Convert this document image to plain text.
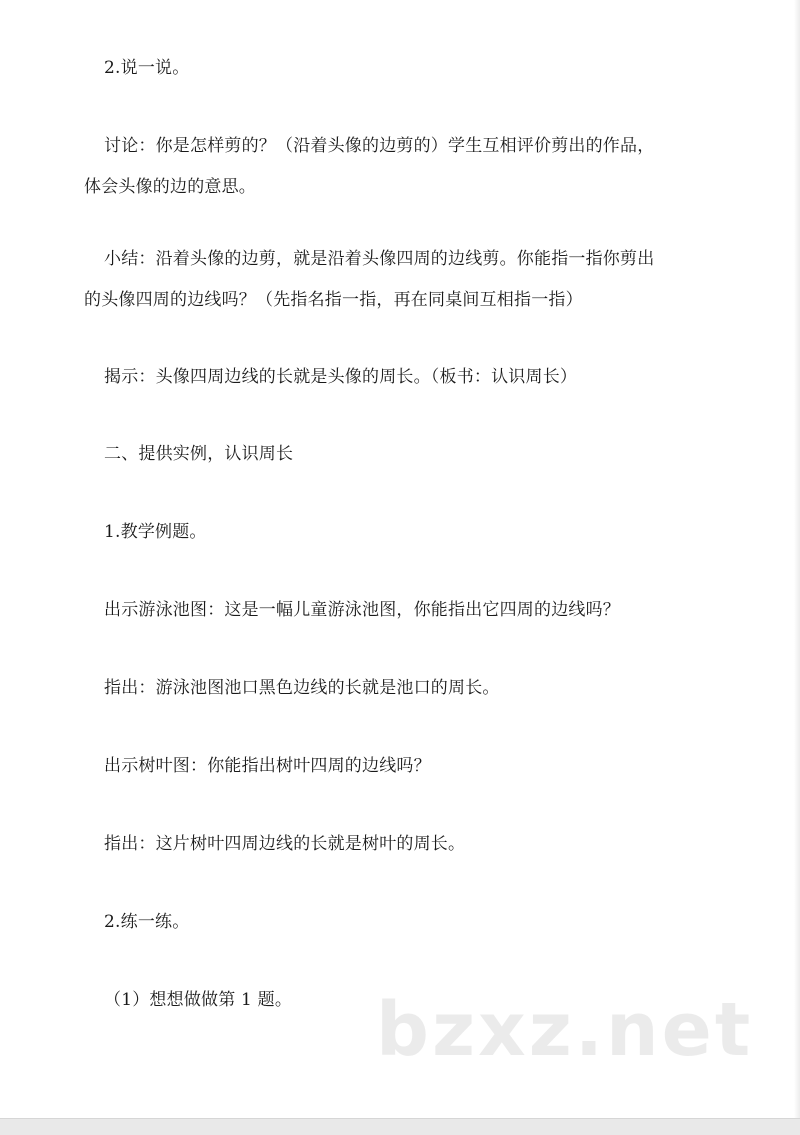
2.说一说。
讨论：你是怎样剪的？（沿着头像的边剪的）学生互相评价剪出的作品，
体会头像的边的意思。
小结：沿着头像的边剪，就是沿着头像四周的边线剪。你能指一指你剪出
的头像四周的边线吗？（先指名指一指，再在同桌间互相指一指）
揭示：头像四周边线的长就是头像的周长。（板书：认识周长）
二、提供实例，认识周长
1.教学例题。
出示游泳池图：这是一幅儿童游泳池图，你能指出它四周的边线吗？
指出：游泳池图池口黑色边线的长就是池口的周长。
出示树叶图：你能指出树叶四周的边线吗？
指出：这片树叶四周边线的长就是树叶的周长。
2.练一练。
（1）想想做做第 1 题。 bzxz.net
